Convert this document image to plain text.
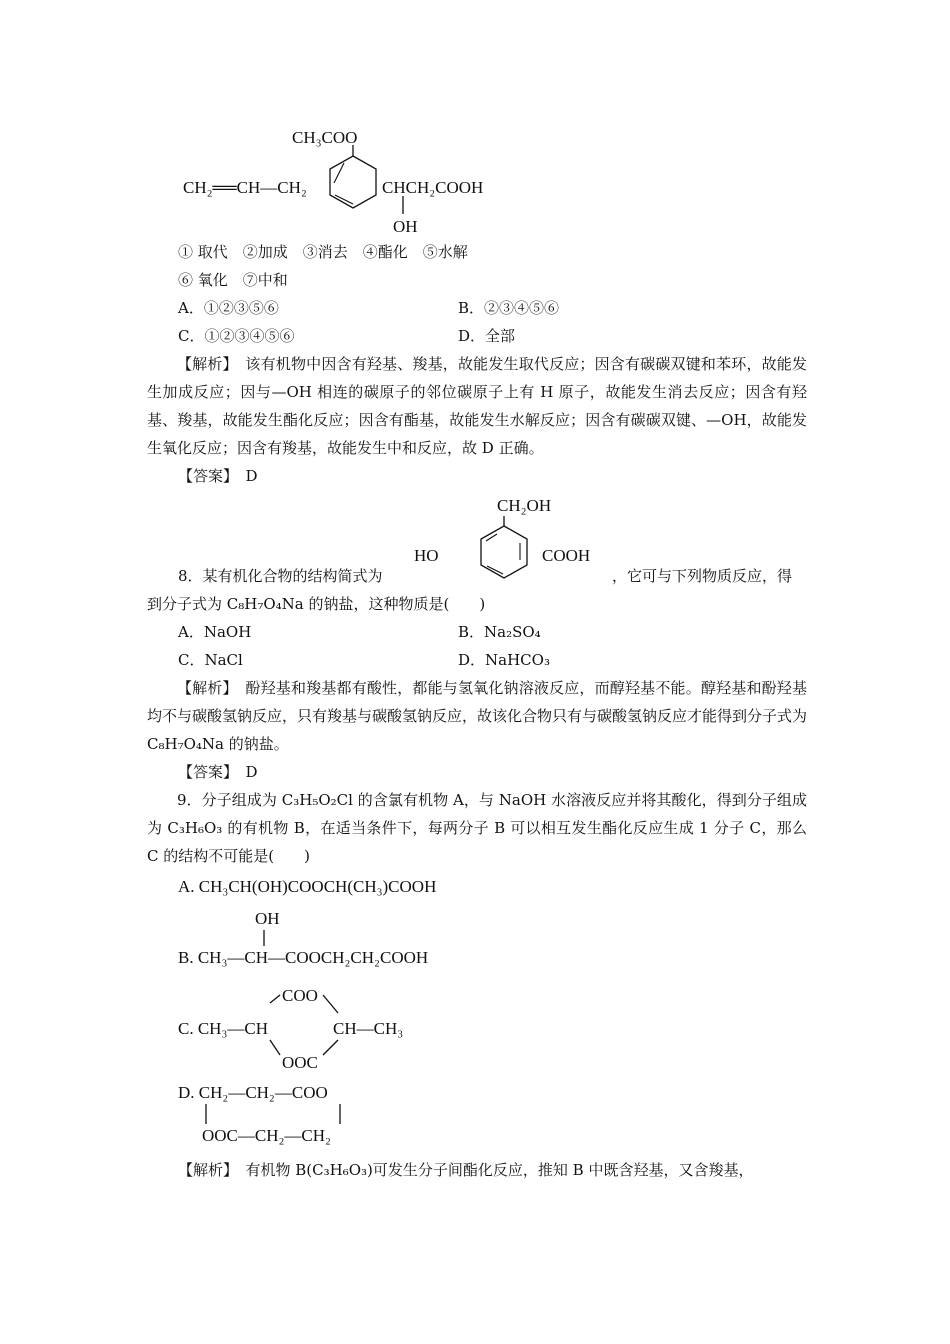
CH₃COO
CH₂══CH—CH₂	CHCH₂COOH
OH
① 取代　②加成　③消去　④酯化　⑤水解
⑥ 氧化　⑦中和
A．①②③⑤⑥	B．②③④⑤⑥
C．①②③④⑤⑥	D．全部
【解析】　该有机物中因含有羟基、羧基，故能发生取代反应；因含有碳碳双键和苯环，故能发生加成反应；因与—OH 相连的碳原子的邻位碳原子上有 H 原子，故能发生消去反应；因含有羟基、羧基，故能发生酯化反应；因含有酯基，故能发生水解反应；因含有碳碳双键、—OH，故能发生氧化反应；因含有羧基，故能发生中和反应，故 D 正确。
【答案】　D
CH₂OH
HO	COOH
8．某有机化合物的结构简式为	，它可与下列物质反应，得
到分子式为 C₈H₇O₄Na 的钠盐，这种物质是(　　)
A．NaOH	B．Na₂SO₄
C．NaCl	D．NaHCO₃
【解析】　酚羟基和羧基都有酸性，都能与氢氧化钠溶液反应，而醇羟基不能。醇羟基和酚羟基均不与碳酸氢钠反应，只有羧基与碳酸氢钠反应，故该化合物只有与碳酸氢钠反应才能得到分子式为 C₈H₇O₄Na 的钠盐。
【答案】　D
9．分子组成为 C₃H₅O₂Cl 的含氯有机物 A，与 NaOH 水溶液反应并将其酸化，得到分子组成为 C₃H₆O₃ 的有机物 B，在适当条件下，每两分子 B 可以相互发生酯化反应生成 1 分子 C，那么 C 的结构不可能是(　　)
A. CH₃CH(OH)COOCH(CH₃)COOH
OH
B. CH₃—CH—COOCH₂CH₂COOH
COO
C. CH₃—CH	CH—CH₃
OOC
D. CH₂—CH₂—COO
OOC—CH₂—CH₂
【解析】　有机物 B(C₃H₆O₃)可发生分子间酯化反应，推知 B 中既含羟基，又含羧基，
